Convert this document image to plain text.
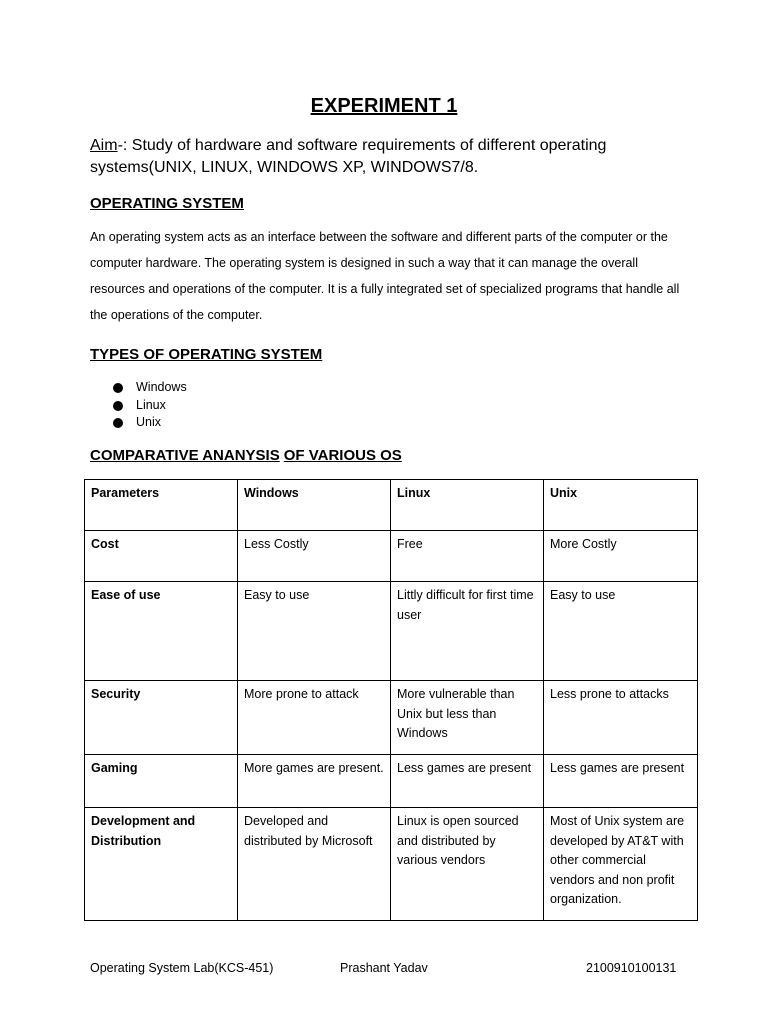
EXPERIMENT 1
Aim-: Study of hardware and software requirements of different operating systems(UNIX, LINUX, WINDOWS XP, WINDOWS7/8.
OPERATING SYSTEM
An operating system acts as an interface between the software and different parts of the computer or the computer hardware. The operating system is designed in such a way that it can manage the overall resources and operations of the computer. It is a fully integrated set of specialized programs that handle all the operations of the computer.
TYPES OF OPERATING SYSTEM
Windows
Linux
Unix
COMPARATIVE ANANYSIS OF VARIOUS OS
Parameters	Windows	Linux	Unix
Cost	Less Costly	Free	More Costly
Ease of use	Easy to use	Littly difficult for first time user	Easy to use
Security	More prone to attack	More vulnerable than Unix but less than Windows	Less prone to attacks
Gaming	More games are present.	Less games are present	Less games are present
Development and Distribution	Developed and distributed by Microsoft	Linux is open sourced and distributed by various vendors	Most of Unix system are developed by AT&T with other commercial vendors and non profit organization.
Operating System Lab(KCS-451)	Prashant Yadav	2100910100131
